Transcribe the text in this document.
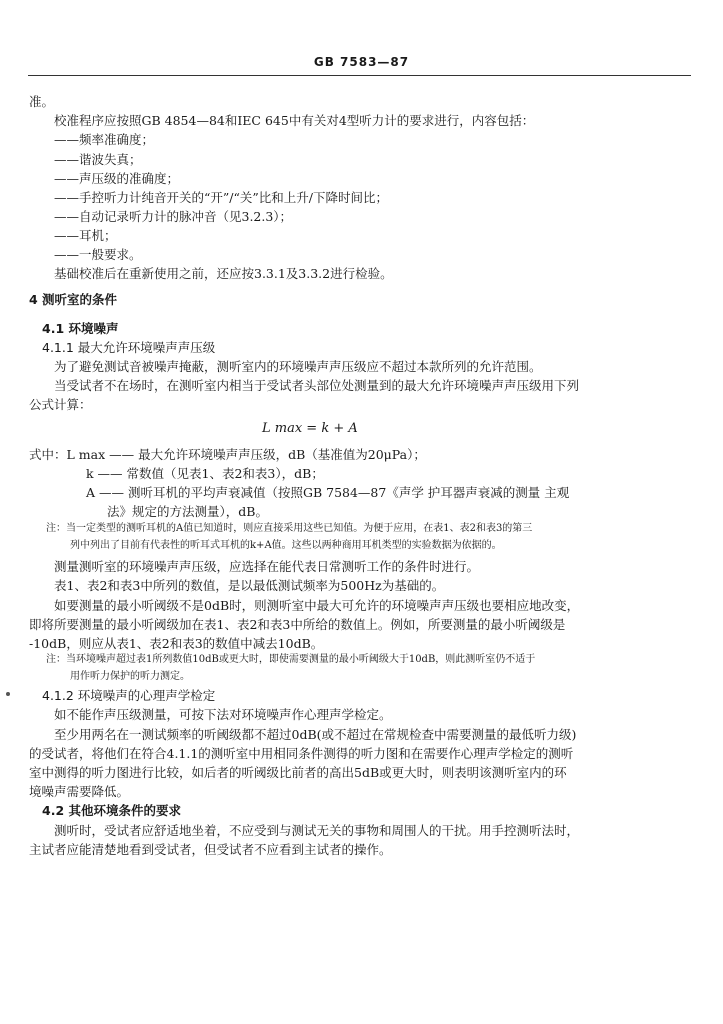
GB 7583—87
准。
校准程序应按照GB 4854—84和IEC 645中有关对4型听力计的要求进行，内容包括：
——频率准确度；
——谐波失真；
——声压级的准确度；
——手控听力计纯音开关的“开”/“关”比和上升/下降时间比；
——自动记录听力计的脉冲音（见3.2.3）；
——耳机；
——一般要求。
基础校准后在重新使用之前，还应按3.3.1及3.3.2进行检验。
4 测听室的条件
4.1 环境噪声
4.1.1 最大允许环境噪声声压级
为了避免测试音被噪声掩蔽，测听室内的环境噪声声压级应不超过本款所列的允许范围。
当受试者不在场时，在测听室内相当于受试者头部位处测量到的最大允许环境噪声声压级用下列
公式计算：
L max = k + A
式中：L max —— 最大允许环境噪声声压级，dB（基准值为20μPa）；
k —— 常数值（见表1、表2和表3），dB；
A —— 测听耳机的平均声衰减值（按照GB 7584—87《声学 护耳器声衰减的测量 主观
法》规定的方法测量），dB。
注：当一定类型的测听耳机的A值已知道时，则应直接采用这些已知值。为便于应用，在表1、表2和表3的第三
列中列出了目前有代表性的听耳式耳机的k+A值。这些以两种商用耳机类型的实验数据为依据的。
测量测听室的环境噪声声压级，应选择在能代表日常测听工作的条件时进行。
表1、表2和表3中所列的数值，是以最低测试频率为500Hz为基础的。
如要测量的最小听阈级不是0dB时，则测听室中最大可允许的环境噪声声压级也要相应地改变，
即将所要测量的最小听阈级加在表1、表2和表3中所给的数值上。例如，所要测量的最小听阈级是
-10dB，则应从表1、表2和表3的数值中减去10dB。
注：当环境噪声超过表1所列数值10dB或更大时，即使需要测量的最小听阈级大于10dB，则此测听室仍不适于
用作听力保护的听力测定。
4.1.2 环境噪声的心理声学检定
如不能作声压级测量，可按下法对环境噪声作心理声学检定。
至少用两名在一测试频率的听阈级都不超过0dB(或不超过在常规检查中需要测量的最低听力级)
的受试者，将他们在符合4.1.1的测听室中用相同条件测得的听力图和在需要作心理声学检定的测听
室中测得的听力图进行比较，如后者的听阈级比前者的高出5dB或更大时，则表明该测听室内的环
境噪声需要降低。
4.2 其他环境条件的要求
测听时，受试者应舒适地坐着，不应受到与测试无关的事物和周围人的干扰。用手控测听法时，
主试者应能清楚地看到受试者，但受试者不应看到主试者的操作。
